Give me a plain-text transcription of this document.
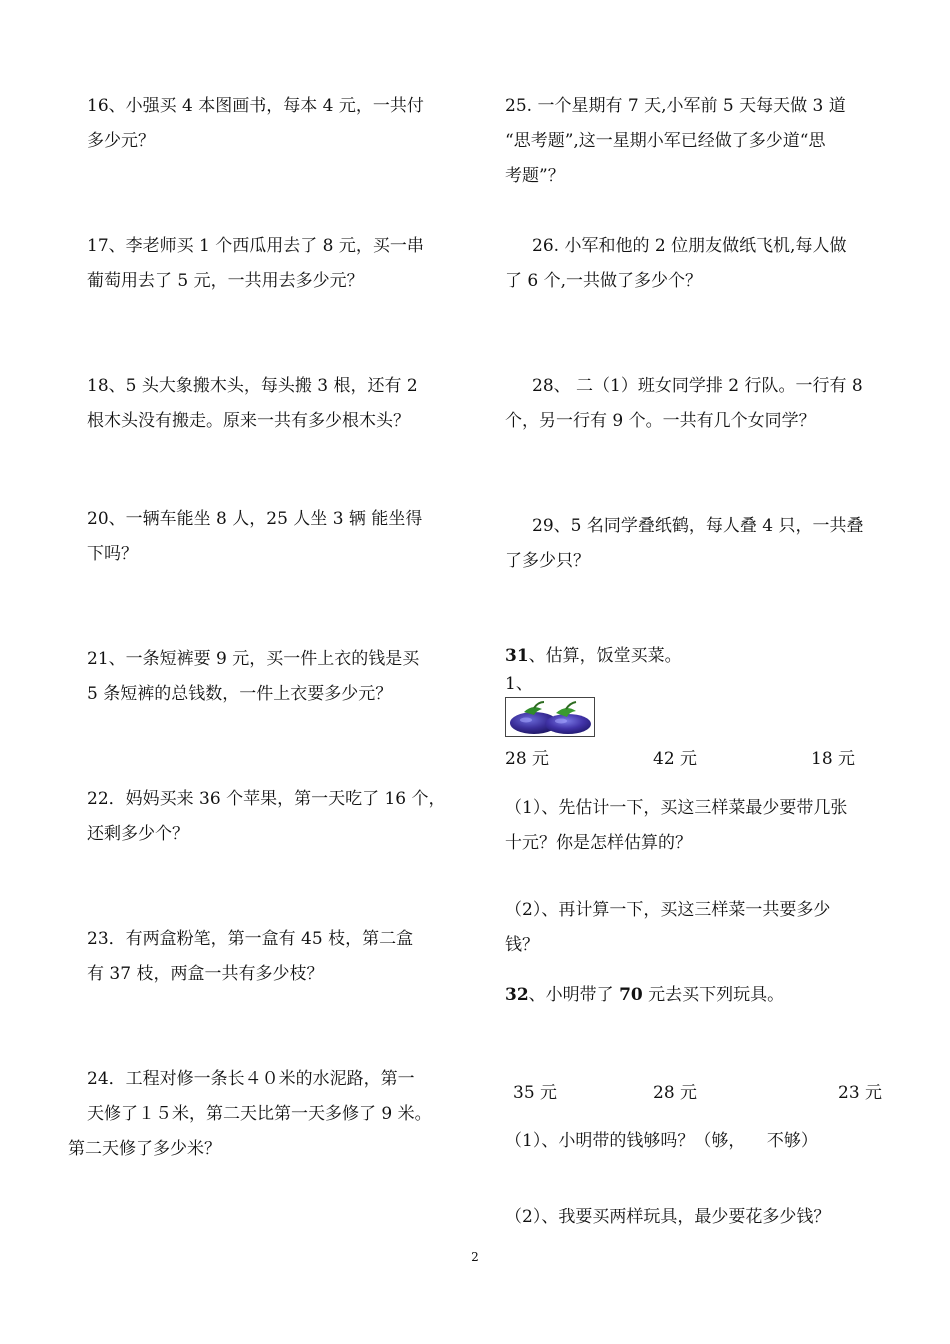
16、小强买 4 本图画书，每本 4 元，一共付
多少元？
17、李老师买 1 个西瓜用去了 8 元，买一串
葡萄用去了 5 元，一共用去多少元？
18、5 头大象搬木头，每头搬 3 根，还有 2
根木头没有搬走。原来一共有多少根木头？
20、一辆车能坐 8 人，25 人坐 3 辆 能坐得
下吗？
21、一条短裤要 9 元，买一件上衣的钱是买
5 条短裤的总钱数，一件上衣要多少元？
22．妈妈买来 36 个苹果，第一天吃了 16 个，
还剩多少个？
23．有两盒粉笔，第一盒有 45 枝，第二盒
有 37 枝，两盒一共有多少枝？
24．工程对修一条长４０米的水泥路，第一
天修了１５米，第二天比第一天多修了 9 米。
第二天修了多少米？
25. 一个星期有 7 天,小军前 5 天每天做 3 道
“思考题”,这一星期小军已经做了多少道“思
考题”？
26. 小军和他的 2 位朋友做纸飞机,每人做
了 6 个,一共做了多少个？
28、 二（1）班女同学排 2 行队。一行有 8
个，另一行有 9 个。一共有几个女同学？
29、5 名同学叠纸鹤，每人叠 4 只，一共叠
了多少只？
31、估算，饭堂买菜。
1、
28 元	42 元	18 元
（1）、先估计一下，买这三样菜最少要带几张
十元？你是怎样估算的？
（2）、再计算一下，买这三样菜一共要多少
钱？
32、小明带了 70 元去买下列玩具。
35 元	28 元	23 元
（1）、小明带的钱够吗？（够，    不够）
（2）、我要买两样玩具，最少要花多少钱？
2
